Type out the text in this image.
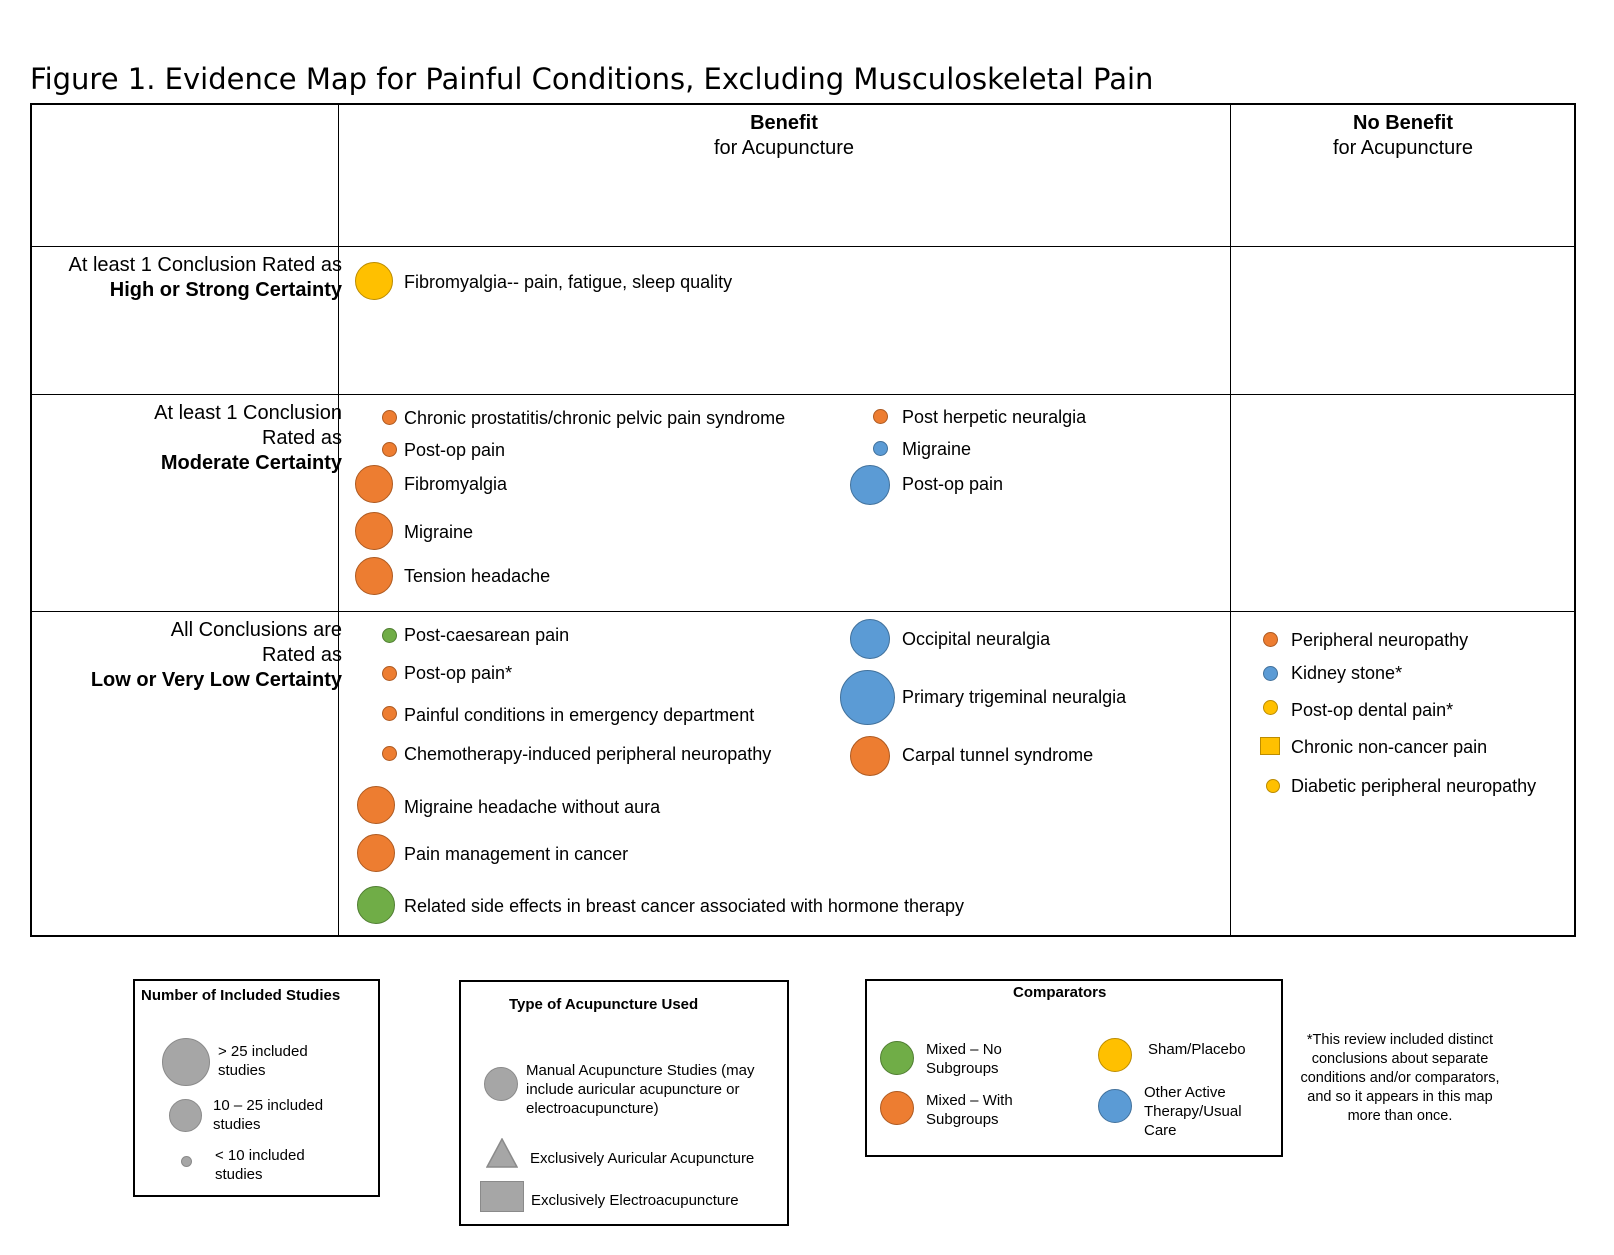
Figure 1. Evidence Map for Painful Conditions, Excluding Musculoskeletal Pain
Benefit
for Acupuncture
No Benefit
for Acupuncture
At least 1 Conclusion Rated as
High or Strong Certainty
At least 1 Conclusion
Rated as
Moderate Certainty
All Conclusions are
Rated as
Low or Very Low Certainty
Fibromyalgia-- pain, fatigue, sleep quality
Chronic prostatitis/chronic pelvic pain syndrome
Post-op pain
Fibromyalgia
Migraine
Tension headache
Post herpetic neuralgia
Migraine
Post-op pain
Post-caesarean pain
Post-op pain*
Painful conditions in emergency department
Chemotherapy-induced peripheral neuropathy
Migraine headache without aura
Pain management in cancer
Related side effects in breast cancer associated with hormone therapy
Occipital neuralgia
Primary trigeminal neuralgia
Carpal tunnel syndrome
Peripheral neuropathy
Kidney stone*
Post-op dental pain*
Chronic non-cancer pain
Diabetic peripheral neuropathy
Number of Included Studies
> 25 included
studies
10 – 25 included
studies
< 10 included
studies
Type of Acupuncture Used
Manual Acupuncture Studies (may include auricular acupuncture or electroacupuncture)
Exclusively Auricular Acupuncture
Exclusively Electroacupuncture
Comparators
Mixed – No Subgroups
Mixed – With Subgroups
Sham/Placebo
Other Active Therapy/Usual Care
*This review included distinct conclusions about separate conditions and/or comparators, and so it appears in this map more than once.
